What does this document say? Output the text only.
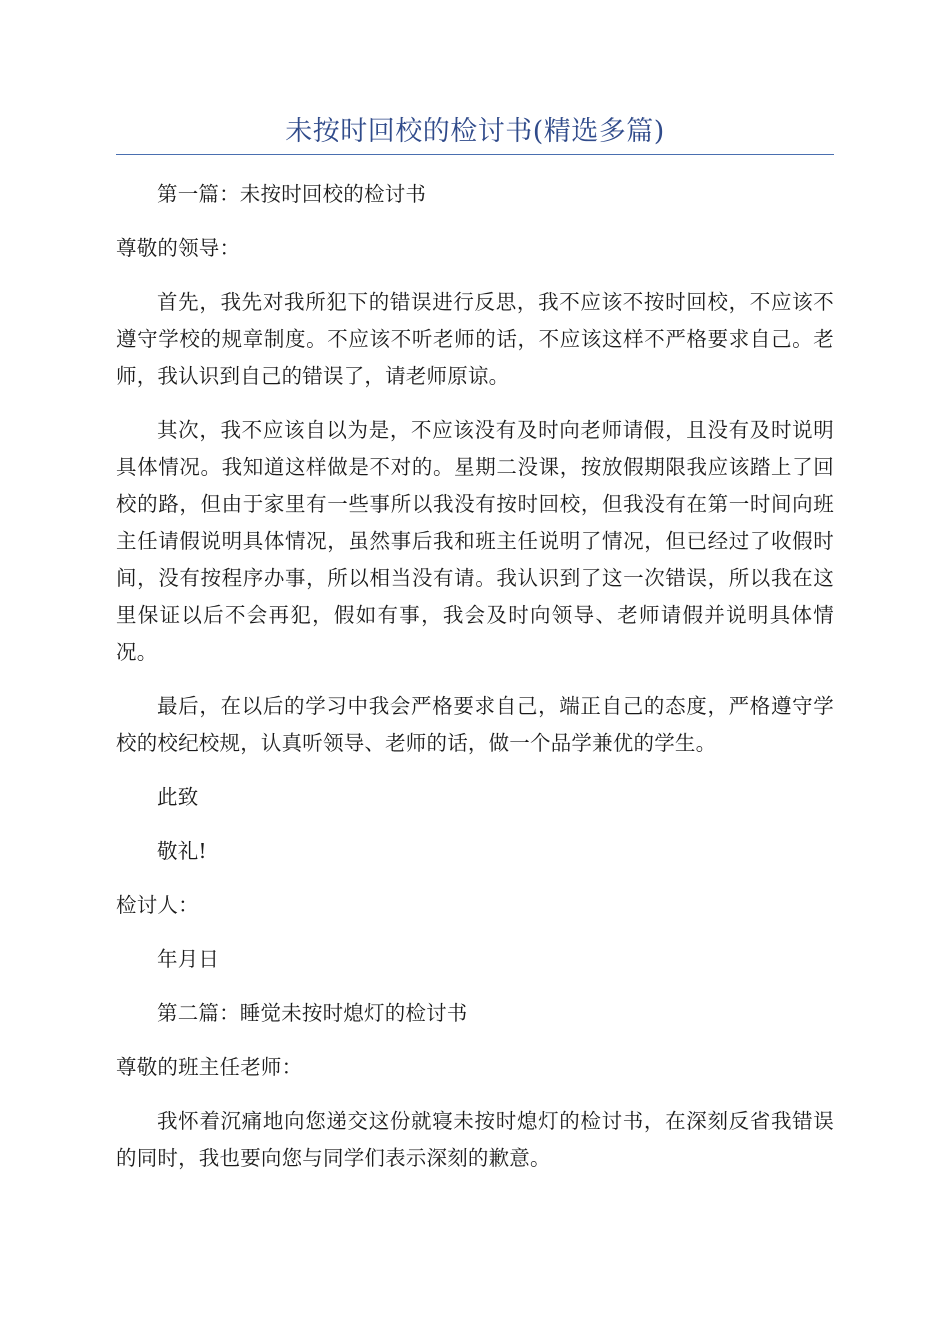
未按时回校的检讨书(精选多篇)

第一篇：未按时回校的检讨书

尊敬的领导：

首先，我先对我所犯下的错误进行反思，我不应该不按时回校，不应该不遵守学校的规章制度。不应该不听老师的话，不应该这样不严格要求自己。老师，我认识到自己的错误了，请老师原谅。

其次，我不应该自以为是，不应该没有及时向老师请假，且没有及时说明具体情况。我知道这样做是不对的。星期二没课，按放假期限我应该踏上了回校的路，但由于家里有一些事所以我没有按时回校，但我没有在第一时间向班主任请假说明具体情况，虽然事后我和班主任说明了情况，但已经过了收假时间，没有按程序办事，所以相当没有请。我认识到了这一次错误，所以我在这里保证以后不会再犯，假如有事，我会及时向领导、老师请假并说明具体情况。

最后，在以后的学习中我会严格要求自己，端正自己的态度，严格遵守学校的校纪校规，认真听领导、老师的话，做一个品学兼优的学生。

此致

敬礼!

检讨人：

年月日

第二篇：睡觉未按时熄灯的检讨书

尊敬的班主任老师：

我怀着沉痛地向您递交这份就寝未按时熄灯的检讨书，在深刻反省我错误的同时，我也要向您与同学们表示深刻的歉意。
